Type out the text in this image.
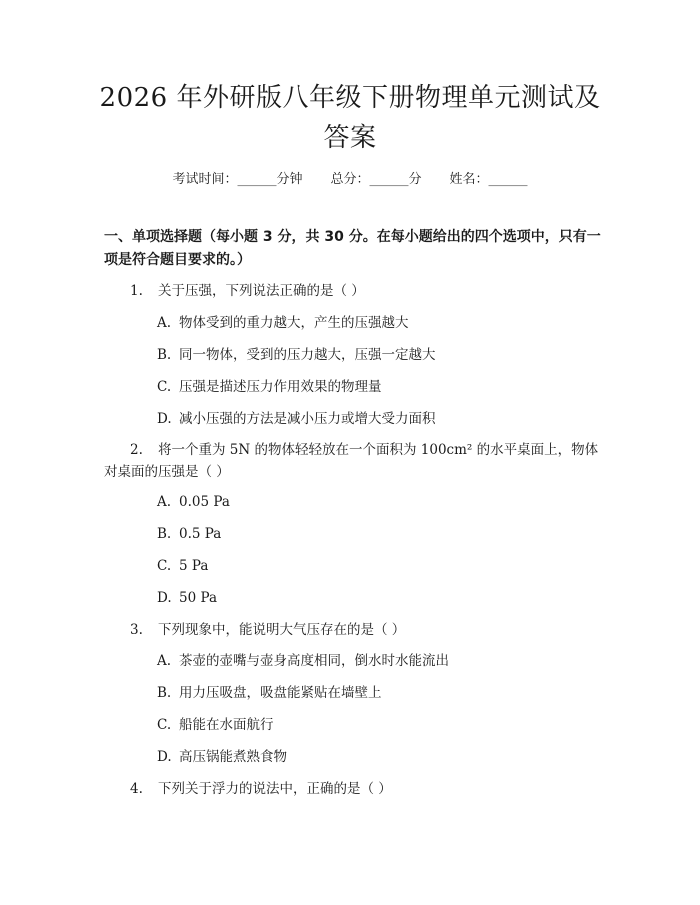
2026 年外研版八年级下册物理单元测试及答案
考试时间：______分钟 总分：______分 姓名：______
一、单项选择题（每小题 3 分，共 30 分。在每小题给出的四个选项中，只有一项是符合题目要求的。）
1. 关于压强，下列说法正确的是（ ）
A. 物体受到的重力越大，产生的压强越大
B. 同一物体，受到的压力越大，压强一定越大
C. 压强是描述压力作用效果的物理量
D. 减小压强的方法是减小压力或增大受力面积
2. 将一个重为 5N 的物体轻轻放在一个面积为 100cm² 的水平桌面上，物体对桌面的压强是（ ）
A. 0.05 Pa
B. 0.5 Pa
C. 5 Pa
D. 50 Pa
3. 下列现象中，能说明大气压存在的是（ ）
A. 茶壶的壶嘴与壶身高度相同，倒水时水能流出
B. 用力压吸盘，吸盘能紧贴在墙壁上
C. 船能在水面航行
D. 高压锅能煮熟食物
4. 下列关于浮力的说法中，正确的是（ ）
